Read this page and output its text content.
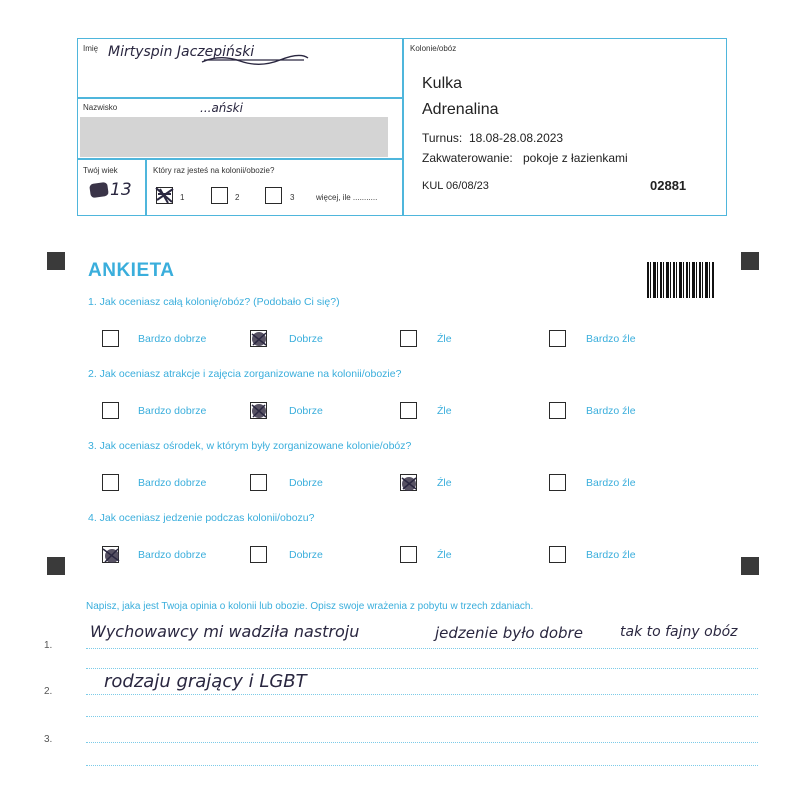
Imię Mirtyspin Jaczepiński
Nazwisko	...ański
Twój wiek
13
Który raz jesteś na kolonii/obozie?
1	2	3	więcej, ile ...........
Kolonie/obóz
Kulka
Adrenalina
Turnus: 18.08-28.08.2023
Zakwaterowanie: pokoje z łazienkami
KUL 06/08/23	02881
ANKIETA
1. Jak oceniasz całą kolonię/obóz? (Podobało Ci się?)
Bardzo dobrze	Dobrze	Źle	Bardzo źle
2. Jak oceniasz atrakcje i zajęcia zorganizowane na kolonii/obozie?
Bardzo dobrze	Dobrze	Źle	Bardzo źle
3. Jak oceniasz ośrodek, w którym były zorganizowane kolonie/obóz?
Bardzo dobrze	Dobrze	Źle	Bardzo źle
4. Jak oceniasz jedzenie podczas kolonii/obozu?
Bardzo dobrze	Dobrze	Źle	Bardzo źle
Napisz, jaka jest Twoja opinia o kolonii lub obozie. Opisz swoje wrażenia z pobytu w trzech zdaniach.
1.
Wychowawcy mi wadziła nastroju	jedzenie było dobre	tak to fajny obóz
2.	rodzaju grający i LGBT
3.
